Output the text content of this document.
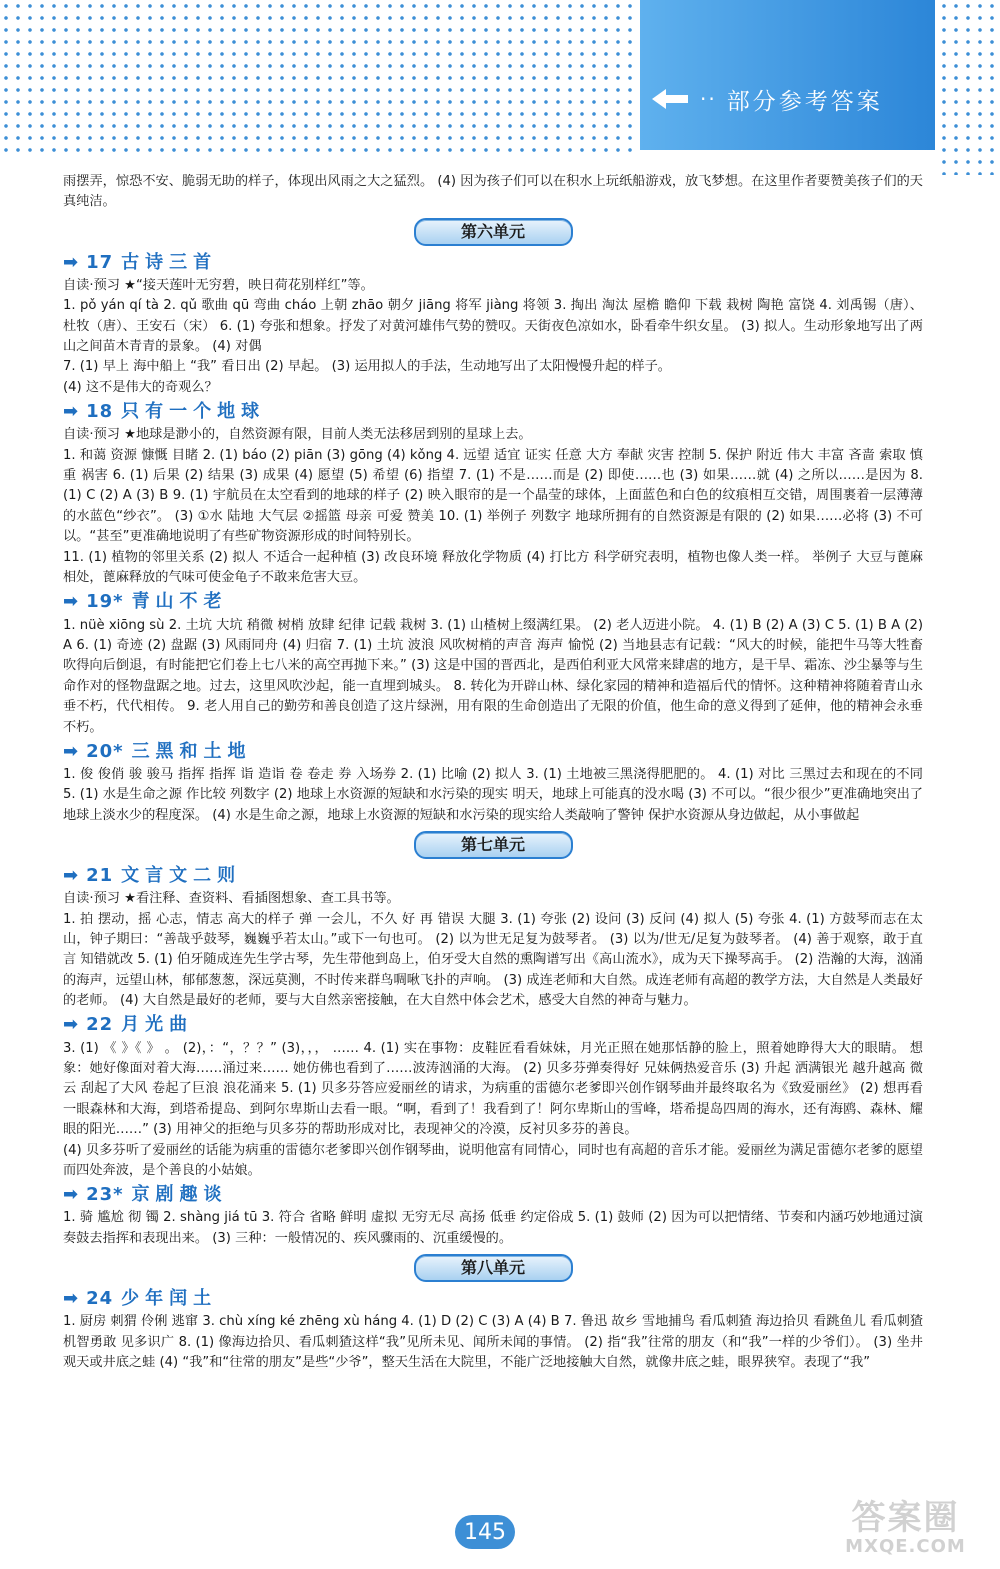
·· 部分参考答案

雨摆弄，惊恐不安、脆弱无助的样子，体现出风雨之大之猛烈。 (4) 因为孩子们可以在积水上玩纸船游戏，放飞梦想。在这里作者要赞美孩子们的天真纯洁。

第六单元
➡ 17 古诗三首

自读·预习 ★“接天莲叶无穷碧，映日荷花别样红”等。

1. pǒ yán qí tà 2. qǔ 歌曲 qū 弯曲 cháo 上朝 zhāo 朝夕 jiāng 将军 jiàng 将领 3. 掏出 淘汰 屋檐 瞻仰 下载 栽树 陶艳 富饶 4. 刘禹锡（唐）、杜牧（唐）、王安石（宋） 6. (1) 夸张和想象。抒发了对黄河雄伟气势的赞叹。天街夜色凉如水，卧看牵牛织女星。 (3) 拟人。生动形象地写出了两山之间苗木青青的景象。 (4) 对偶

7. (1) 早上 海中船上 “我” 看日出 (2) 早起。 (3) 运用拟人的手法，生动地写出了太阳慢慢升起的样子。

(4) 这不是伟大的奇观么？

➡ 18 只有一个地球

自读·预习 ★地球是渺小的，自然资源有限，目前人类无法移居到别的星球上去。

1. 和蔼 资源 慷慨 目睹 2. (1) báo (2) piān (3) gōng (4) kǒng 4. 远望 适宜 证实 任意 大方 奉献 灾害 控制 5. 保护 附近 伟大 丰富 吝啬 索取 慎重 祸害 6. (1) 后果 (2) 结果 (3) 成果 (4) 愿望 (5) 希望 (6) 指望 7. (1) 不是……而是 (2) 即使……也 (3) 如果……就 (4) 之所以……是因为 8. (1) C (2) A (3) B 9. (1) 宇航员在太空看到的地球的样子 (2) 映入眼帘的是一个晶莹的球体，上面蓝色和白色的纹痕相互交错，周围裹着一层薄薄的水蓝色“纱衣”。 (3) ①水 陆地 大气层 ②摇篮 母亲 可爱 赞美 10. (1) 举例子 列数字 地球所拥有的自然资源是有限的 (2) 如果……必将 (3) 不可以。“甚至”更准确地说明了有些矿物资源形成的时间特别长。

11. (1) 植物的邻里关系 (2) 拟人 不适合一起种植 (3) 改良环境 释放化学物质 (4) 打比方 科学研究表明，植物也像人类一样。 举例子 大豆与蓖麻相处，蓖麻释放的气味可使金龟子不敢来危害大豆。

➡ 19* 青山不老

1. nüè xiōng sù 2. 土坑 大坑 稍微 树梢 放肆 纪律 记载 栽树 3. (1) 山楂树上缀满红果。 (2) 老人迈进小院。 4. (1) B (2) A (3) C 5. (1) B A (2) A 6. (1) 奇迹 (2) 盘踞 (3) 风雨同舟 (4) 归宿 7. (1) 土坑 波浪 风吹树梢的声音 海声 愉悦 (2) 当地县志有记载：“风大的时候，能把牛马等大牲畜吹得向后倒退，有时能把它们卷上七八米的高空再抛下来。” (3) 这是中国的晋西北，是西伯利亚大风常来肆虐的地方，是干旱、霜冻、沙尘暴等与生命作对的怪物盘踞之地。过去，这里风吹沙起，能一直埋到城头。 8. 转化为开辟山林、绿化家园的精神和造福后代的情怀。这种精神将随着青山永垂不朽，代代相传。 9. 老人用自己的勤劳和善良创造了这片绿洲，用有限的生命创造出了无限的价值，他生命的意义得到了延伸，他的精神会永垂不朽。

➡ 20* 三黑和土地

1. 俊 俊俏 骏 骏马 指挥 指挥 诣 造诣 卷 卷走 券 入场券 2. (1) 比喻 (2) 拟人 3. (1) 土地被三黑浇得肥肥的。 4. (1) 对比 三黑过去和现在的不同 5. (1) 水是生命之源 作比较 列数字 (2) 地球上水资源的短缺和水污染的现实 明天，地球上可能真的没水喝 (3) 不可以。“很少很少”更准确地突出了地球上淡水少的程度深。 (4) 水是生命之源，地球上水资源的短缺和水污染的现实给人类敲响了警钟 保护水资源从身边做起，从小事做起

第七单元
➡ 21 文言文二则

自读·预习 ★看注释、查资料、看插图想象、查工具书等。

1. 拍 摆动，摇 心志，情志 高大的样子 弹 一会儿，不久 好 再 错误 大腿 3. (1) 夸张 (2) 设问 (3) 反问 (4) 拟人 (5) 夸张 4. (1) 方鼓琴而志在太山，钟子期曰：“善哉乎鼓琴，巍巍乎若太山。”或下一句也可。 (2) 以为世无足复为鼓琴者。 (3) 以为/世无/足复为鼓琴者。 (4) 善于观察，敢于直言 知错就改 5. (1) 伯牙随成连先生学古琴，先生带他到岛上，伯牙受大自然的熏陶谱写出《高山流水》，成为天下操琴高手。 (2) 浩瀚的大海，汹涌的海声，远望山林，郁郁葱葱，深远莫测，不时传来群鸟啁啾飞扑的声响。 (3) 成连老师和大自然。成连老师有高超的教学方法，大自然是人类最好的老师。 (4) 大自然是最好的老师，要与大自然亲密接触，在大自然中体会艺术，感受大自然的神奇与魅力。

➡ 22 月光曲

3. (1) 《 》《 》 。 (2)，：“，？？” (3)，，， …… 4. (1) 实在事物：皮鞋匠看看妹妹，月光正照在她那恬静的脸上，照着她睁得大大的眼睛。 想象：她好像面对着大海……涌过来…… 她仿佛也看到了……波涛汹涌的大海。 (2) 贝多芬弹奏得好 兄妹俩热爱音乐 (3) 升起 洒满银光 越升越高 微云 刮起了大风 卷起了巨浪 浪花涌来 5. (1) 贝多芬答应爱丽丝的请求，为病重的雷德尔老爹即兴创作钢琴曲并最终取名为《致爱丽丝》 (2) 想再看一眼森林和大海，到塔希提岛、到阿尔卑斯山去看一眼。“啊，看到了！我看到了！阿尔卑斯山的雪峰，塔希提岛四周的海水，还有海鸥、森林、耀眼的阳光……” (3) 用神父的拒绝与贝多芬的帮助形成对比，表现神父的冷漠，反衬贝多芬的善良。

(4) 贝多芬听了爱丽丝的话能为病重的雷德尔老爹即兴创作钢琴曲，说明他富有同情心，同时也有高超的音乐才能。爱丽丝为满足雷德尔老爹的愿望而四处奔波，是个善良的小姑娘。

➡ 23* 京剧趣谈

1. 骑 尴尬 彻 镯 2. shàng jiá tū 3. 符合 省略 鲜明 虚拟 无穷无尽 高扬 低垂 约定俗成 5. (1) 鼓师 (2) 因为可以把情绪、节奏和内涵巧妙地通过演奏鼓去指挥和表现出来。 (3) 三种：一般情况的、疾风骤雨的、沉重缓慢的。

第八单元
➡ 24 少年闰土

1. 厨房 刺猬 伶俐 逃窜 3. chù xíng ké zhēng xù háng 4. (1) D (2) C (3) A (4) B 7. 鲁迅 故乡 雪地捕鸟 看瓜刺猹 海边拾贝 看跳鱼儿 看瓜刺猹 机智勇敢 见多识广 8. (1) 像海边拾贝、看瓜刺猹这样“我”见所未见、闻所未闻的事情。 (2) 指“我”往常的朋友（和“我”一样的少爷们）。 (3) 坐井观天或井底之蛙 (4) “我”和“往常的朋友”是些“少爷”，整天生活在大院里，不能广泛地接触大自然，就像井底之蛙，眼界狭窄。表现了“我”

145	答案圈
MXQE.COM
